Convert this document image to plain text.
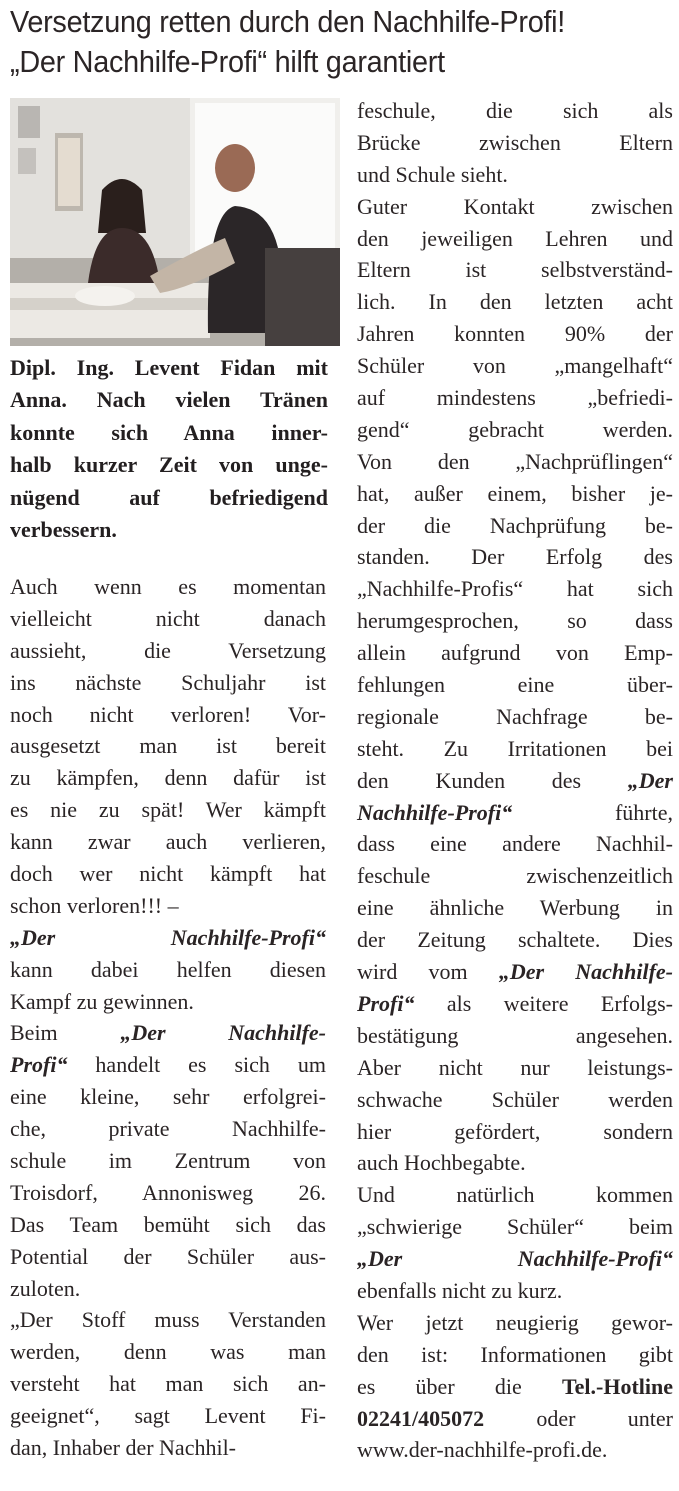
Versetzung retten durch den Nachhilfe-Profi!
„Der Nachhilfe-Profi“ hilft garantiert
Dipl. Ing. Levent Fidan mit
Anna. Nach vielen Tränen
konnte sich Anna inner-
halb kurzer Zeit von unge-
nügend auf befriedigend
verbessern.
Auch wenn es momentan
vielleicht nicht danach
aussieht, die Versetzung
ins nächste Schuljahr ist
noch nicht verloren! Vor-
ausgesetzt man ist bereit
zu kämpfen, denn dafür ist
es nie zu spät! Wer kämpft
kann zwar auch verlieren,
doch wer nicht kämpft hat
schon verloren!!! –
„Der Nachhilfe-Profi“
kann dabei helfen diesen
Kampf zu gewinnen.
Beim „Der Nachhilfe-
Profi“ handelt es sich um
eine kleine, sehr erfolgrei-
che, private Nachhilfe-
schule im Zentrum von
Troisdorf, Annonisweg 26.
Das Team bemüht sich das
Potential der Schüler aus-
zuloten.
„Der Stoff muss Verstanden
werden, denn was man
versteht hat man sich an-
geeignet“, sagt Levent Fi-
dan, Inhaber der Nachhil-
feschule, die sich als
Brücke zwischen Eltern
und Schule sieht.
Guter Kontakt zwischen
den jeweiligen Lehren und
Eltern ist selbstverständ-
lich. In den letzten acht
Jahren konnten 90% der
Schüler von „mangelhaft“
auf mindestens „befriedi-
gend“ gebracht werden.
Von den „Nachprüflingen“
hat, außer einem, bisher je-
der die Nachprüfung be-
standen. Der Erfolg des
„Nachhilfe-Profis“ hat sich
herumgesprochen, so dass
allein aufgrund von Emp-
fehlungen eine über-
regionale Nachfrage be-
steht. Zu Irritationen bei
den Kunden des „Der
Nachhilfe-Profi“ führte,
dass eine andere Nachhil-
feschule zwischenzeitlich
eine ähnliche Werbung in
der Zeitung schaltete. Dies
wird vom „Der Nachhilfe-
Profi“ als weitere Erfolgs-
bestätigung angesehen.
Aber nicht nur leistungs-
schwache Schüler werden
hier gefördert, sondern
auch Hochbegabte.
Und natürlich kommen
„schwierige Schüler“ beim
„Der Nachhilfe-Profi“
ebenfalls nicht zu kurz.
Wer jetzt neugierig gewor-
den ist: Informationen gibt
es über die Tel.-Hotline
02241/405072 oder unter
www.der-nachhilfe-profi.de.
